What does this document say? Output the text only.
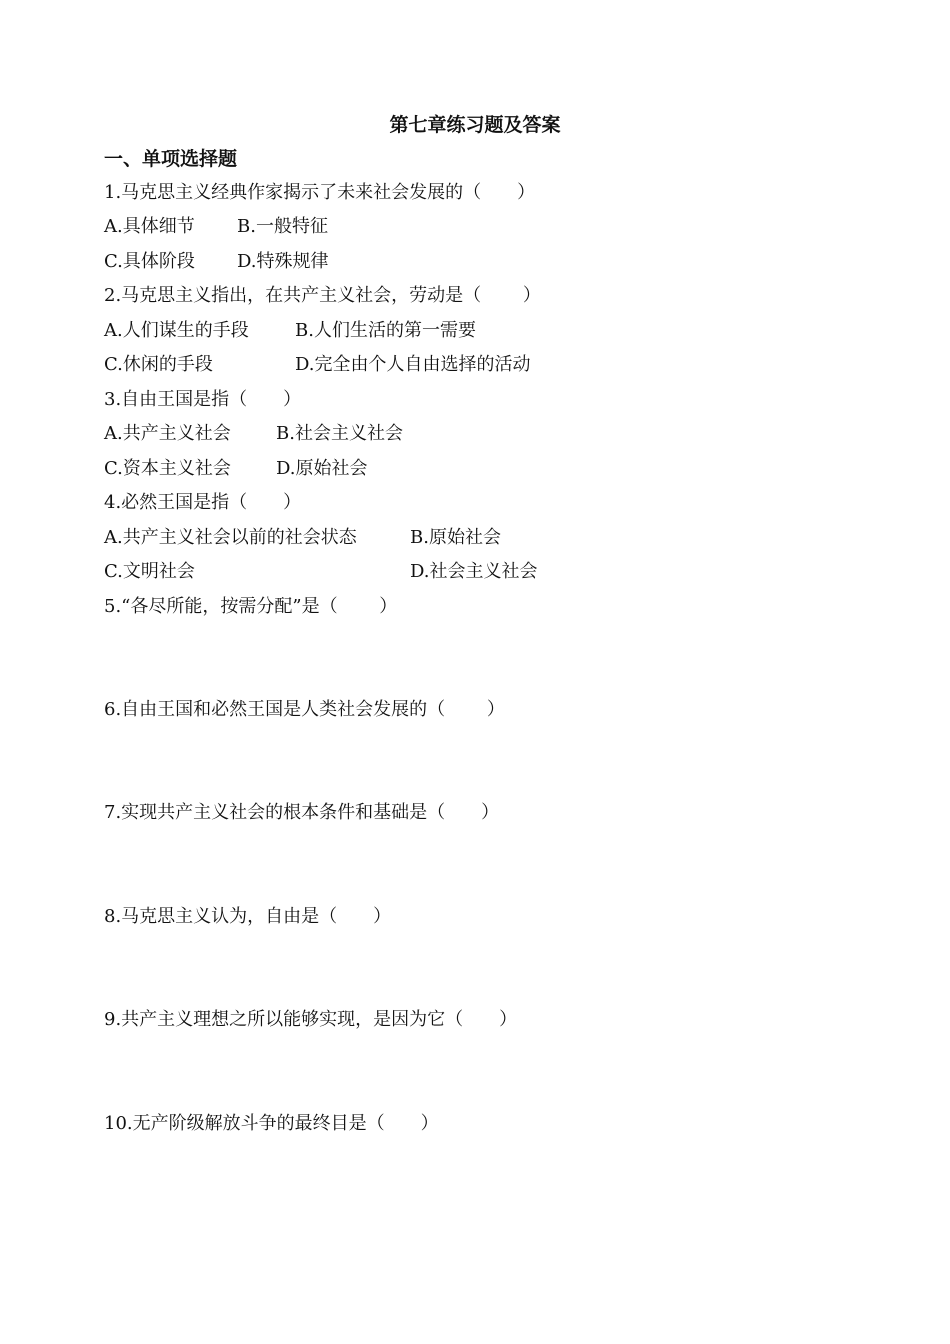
第七章练习题及答案
一、单项选择题
1.马克思主义经典作家揭示了未来社会发展的（　　）
A.具体细节 B.一般特征
C.具体阶段 D.特殊规律
2.马克思主义指出，在共产主义社会，劳动是（　　 ）
A.人们谋生的手段	B.人们生活的第一需要
C.休闲的手段	D.完全由个人自由选择的活动
3.自由王国是指（　　）
A.共产主义社会	B.社会主义社会
C.资本主义社会	D.原始社会
4.必然王国是指（　　）
A.共产主义社会以前的社会状态	B.原始社会
C.文明社会	D.社会主义社会
5.“各尽所能，按需分配”是（　　 ）
6.自由王国和必然王国是人类社会发展的（　　 ）
7.实现共产主义社会的根本条件和基础是（　　）
8.马克思主义认为，自由是（　　）
9.共产主义理想之所以能够实现，是因为它（　　）
10.无产阶级解放斗争的最终目是（　　）
